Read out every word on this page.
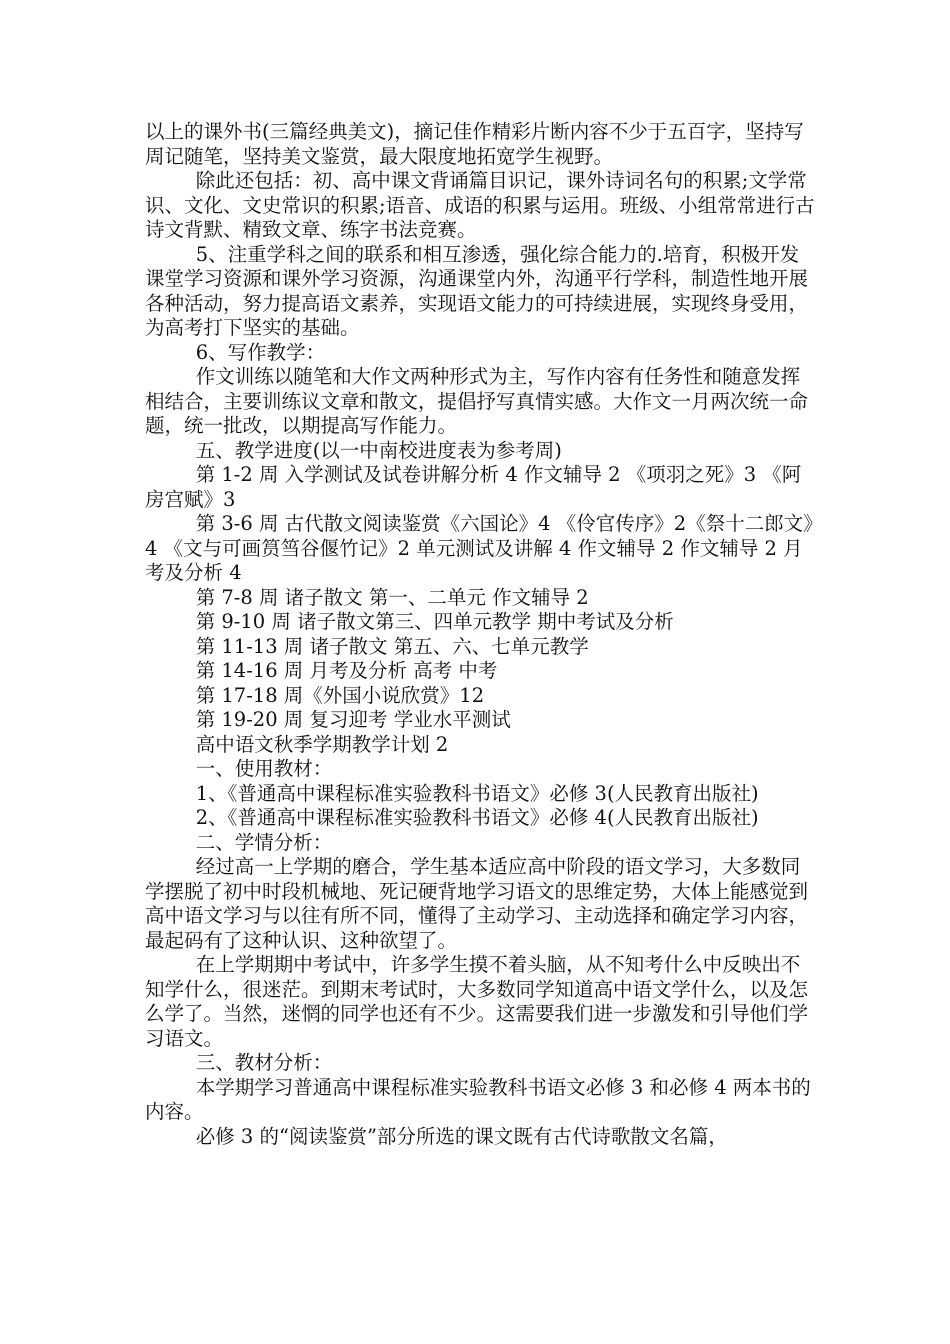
以上的课外书(三篇经典美文)，摘记佳作精彩片断内容不少于五百字，坚持写周记随笔，坚持美文鉴赏，最大限度地拓宽学生视野。

除此还包括：初、高中课文背诵篇目识记，课外诗词名句的积累;文学常识、文化、文史常识的积累;语音、成语的积累与运用。班级、小组常常进行古诗文背默、精致文章、练字书法竞赛。

5、注重学科之间的联系和相互渗透，强化综合能力的.培育，积极开发课堂学习资源和课外学习资源，沟通课堂内外，沟通平行学科，制造性地开展各种活动，努力提高语文素养，实现语文能力的可持续进展，实现终身受用，为高考打下坚实的基础。

6、写作教学：

作文训练以随笔和大作文两种形式为主，写作内容有任务性和随意发挥相结合，主要训练议文章和散文，提倡抒写真情实感。大作文一月两次统一命题，统一批改，以期提高写作能力。

五、教学进度(以一中南校进度表为参考周)

第 1-2 周 入学测试及试卷讲解分析 4 作文辅导 2 《项羽之死》3 《阿房宫赋》3

第 3-6 周 古代散文阅读鉴赏《六国论》4 《伶官传序》2《祭十二郎文》4 《文与可画筼筜谷偃竹记》2 单元测试及讲解 4 作文辅导 2 作文辅导 2 月考及分析 4

第 7-8 周 诸子散文 第一、二单元 作文辅导 2

第 9-10 周 诸子散文第三、四单元教学 期中考试及分析

第 11-13 周 诸子散文 第五、六、七单元教学

第 14-16 周 月考及分析 高考 中考

第 17-18 周《外国小说欣赏》12

第 19-20 周 复习迎考 学业水平测试

高中语文秋季学期教学计划 2

一、使用教材：

1、《普通高中课程标准实验教科书语文》必修 3(人民教育出版社)

2、《普通高中课程标准实验教科书语文》必修 4(人民教育出版社)

二、学情分析：

经过高一上学期的磨合，学生基本适应高中阶段的语文学习，大多数同学摆脱了初中时段机械地、死记硬背地学习语文的思维定势，大体上能感觉到高中语文学习与以往有所不同，懂得了主动学习、主动选择和确定学习内容，最起码有了这种认识、这种欲望了。

在上学期期中考试中，许多学生摸不着头脑，从不知考什么中反映出不知学什么，很迷茫。到期末考试时，大多数同学知道高中语文学什么，以及怎么学了。当然，迷惘的同学也还有不少。这需要我们进一步激发和引导他们学习语文。

三、教材分析：

本学期学习普通高中课程标准实验教科书语文必修 3 和必修 4 两本书的内容。

必修 3 的“阅读鉴赏”部分所选的课文既有古代诗歌散文名篇，
